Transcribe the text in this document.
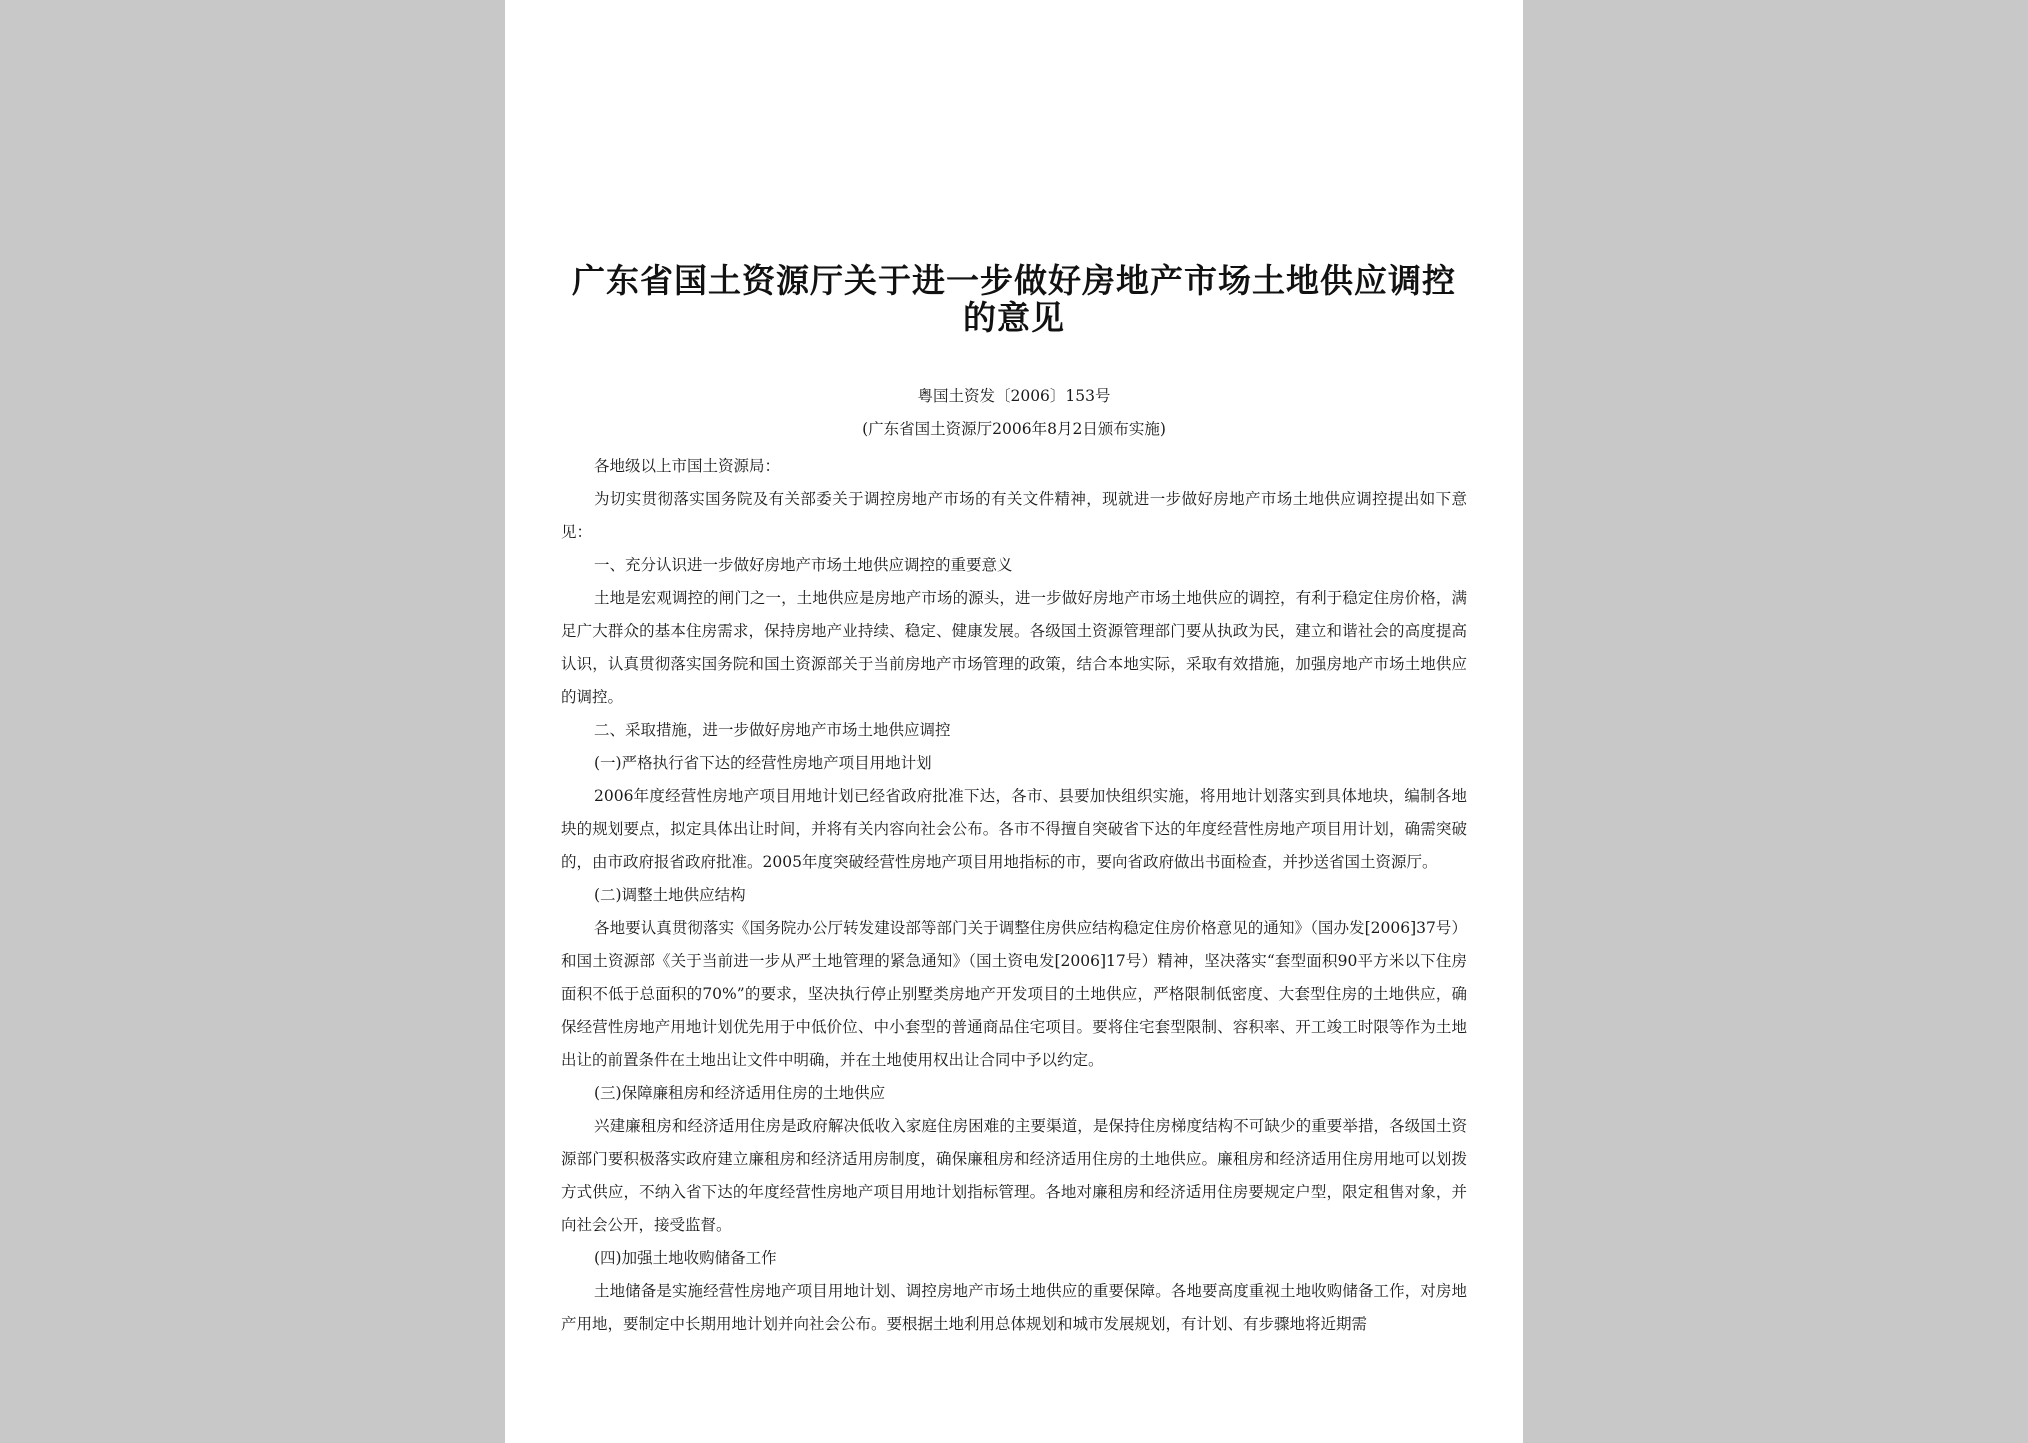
广东省国土资源厅关于进一步做好房地产市场土地供应调控的意见
粤国土资发〔2006〕153号
(广东省国土资源厅2006年8月2日颁布实施)

各地级以上市国土资源局：

为切实贯彻落实国务院及有关部委关于调控房地产市场的有关文件精神，现就进一步做好房地产市场土地供应调控提出如下意见：

一、充分认识进一步做好房地产市场土地供应调控的重要意义

土地是宏观调控的闸门之一，土地供应是房地产市场的源头，进一步做好房地产市场土地供应的调控，有利于稳定住房价格，满足广大群众的基本住房需求，保持房地产业持续、稳定、健康发展。各级国土资源管理部门要从执政为民，建立和谐社会的高度提高认识，认真贯彻落实国务院和国土资源部关于当前房地产市场管理的政策，结合本地实际，采取有效措施，加强房地产市场土地供应的调控。

二、采取措施，进一步做好房地产市场土地供应调控

(一)严格执行省下达的经营性房地产项目用地计划

2006年度经营性房地产项目用地计划已经省政府批准下达，各市、县要加快组织实施，将用地计划落实到具体地块，编制各地块的规划要点，拟定具体出让时间，并将有关内容向社会公布。各市不得擅自突破省下达的年度经营性房地产项目用计划，确需突破的，由市政府报省政府批准。2005年度突破经营性房地产项目用地指标的市，要向省政府做出书面检查，并抄送省国土资源厅。

(二)调整土地供应结构

各地要认真贯彻落实《国务院办公厅转发建设部等部门关于调整住房供应结构稳定住房价格意见的通知》（国办发[2006]37号）和国土资源部《关于当前进一步从严土地管理的紧急通知》（国土资电发[2006]17号）精神，坚决落实“套型面积90平方米以下住房面积不低于总面积的70%”的要求，坚决执行停止别墅类房地产开发项目的土地供应，严格限制低密度、大套型住房的土地供应，确保经营性房地产用地计划优先用于中低价位、中小套型的普通商品住宅项目。要将住宅套型限制、容积率、开工竣工时限等作为土地出让的前置条件在土地出让文件中明确，并在土地使用权出让合同中予以约定。

(三)保障廉租房和经济适用住房的土地供应

兴建廉租房和经济适用住房是政府解决低收入家庭住房困难的主要渠道，是保持住房梯度结构不可缺少的重要举措，各级国土资源部门要积极落实政府建立廉租房和经济适用房制度，确保廉租房和经济适用住房的土地供应。廉租房和经济适用住房用地可以划拨方式供应，不纳入省下达的年度经营性房地产项目用地计划指标管理。各地对廉租房和经济适用住房要规定户型，限定租售对象，并向社会公开，接受监督。

(四)加强土地收购储备工作

土地储备是实施经营性房地产项目用地计划、调控房地产市场土地供应的重要保障。各地要高度重视土地收购储备工作，对房地产用地，要制定中长期用地计划并向社会公布。要根据土地利用总体规划和城市发展规划，有计划、有步骤地将近期需
